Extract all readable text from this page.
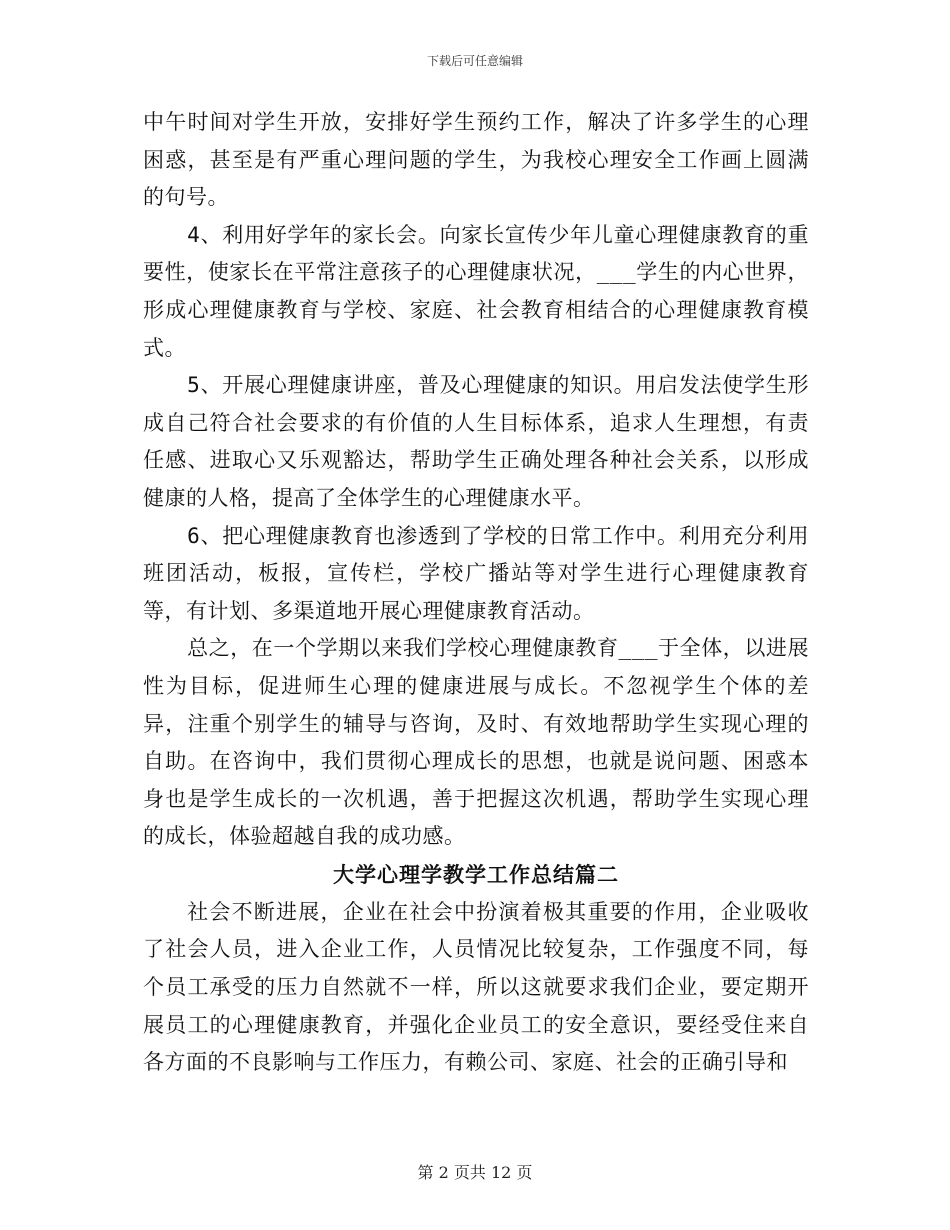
下载后可任意编辑

中午时间对学生开放，安排好学生预约工作，解决了许多学生的心理困惑，甚至是有严重心理问题的学生，为我校心理安全工作画上圆满的句号。

4、利用好学年的家长会。向家长宣传少年儿童心理健康教育的重要性，使家长在平常注意孩子的心理健康状况，___学生的内心世界，形成心理健康教育与学校、家庭、社会教育相结合的心理健康教育模式。

5、开展心理健康讲座，普及心理健康的知识。用启发法使学生形成自己符合社会要求的有价值的人生目标体系，追求人生理想，有责任感、进取心又乐观豁达，帮助学生正确处理各种社会关系，以形成健康的人格，提高了全体学生的心理健康水平。

6、把心理健康教育也渗透到了学校的日常工作中。利用充分利用班团活动，板报，宣传栏，学校广播站等对学生进行心理健康教育等，有计划、多渠道地开展心理健康教育活动。

总之，在一个学期以来我们学校心理健康教育___于全体，以进展性为目标，促进师生心理的健康进展与成长。不忽视学生个体的差异，注重个别学生的辅导与咨询，及时、有效地帮助学生实现心理的自助。在咨询中，我们贯彻心理成长的思想，也就是说问题、困惑本身也是学生成长的一次机遇，善于把握这次机遇，帮助学生实现心理的成长，体验超越自我的成功感。

大学心理学教学工作总结篇二

社会不断进展，企业在社会中扮演着极其重要的作用，企业吸收了社会人员，进入企业工作，人员情况比较复杂，工作强度不同，每个员工承受的压力自然就不一样，所以这就要求我们企业，要定期开展员工的心理健康教育，并强化企业员工的安全意识，要经受住来自各方面的不良影响与工作压力，有赖公司、家庭、社会的正确引导和

第 2 页共 12 页
